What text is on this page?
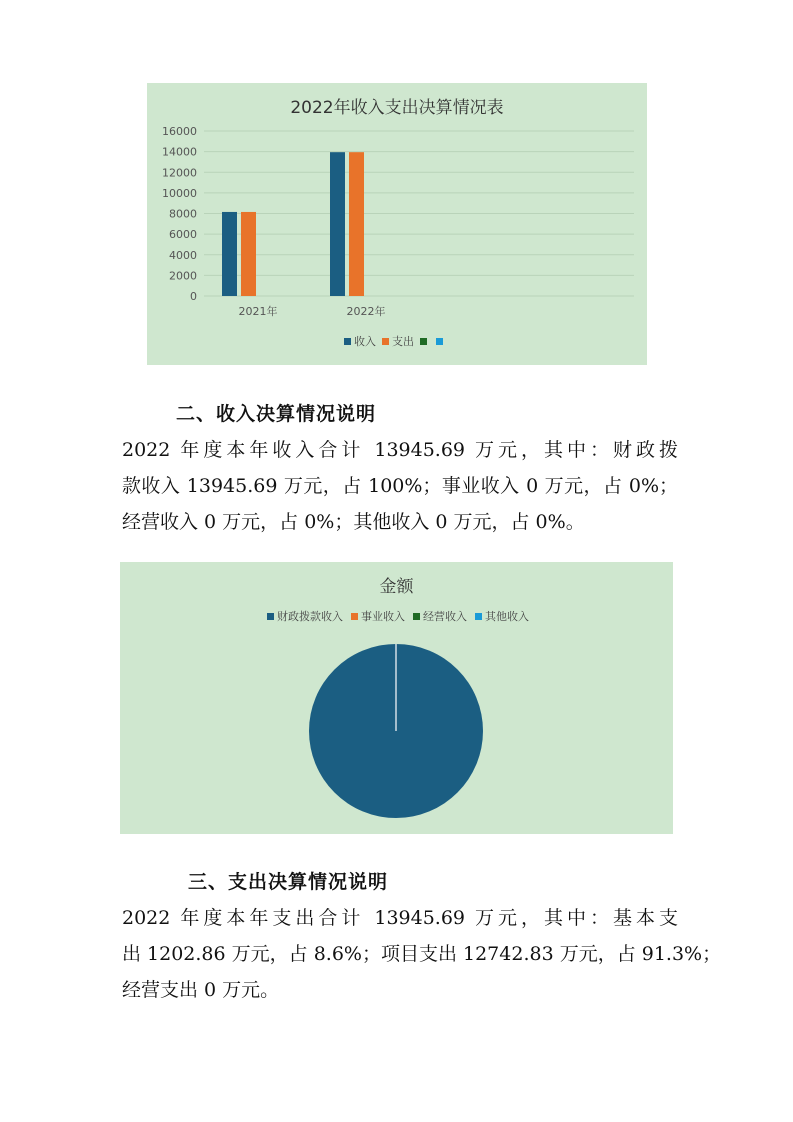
2022年收入支出决算情况表
0
2000
4000
6000
8000
10000
12000
14000
16000
2021年	2022年
收入 支出
二、收入决算情况说明
2022 年度本年收入合计 13945.69 万元，其中：财政拨
款收入 13945.69 万元，占 100%；事业收入 0 万元，占 0%；
经营收入 0 万元，占 0%；其他收入 0 万元，占 0%。
金额
财政拨款收入 事业收入 经营收入 其他收入
三、支出决算情况说明
2022 年度本年支出合计 13945.69 万元，其中：基本支
出 1202.86 万元，占 8.6%；项目支出 12742.83 万元，占 91.3%；
经营支出 0 万元。
